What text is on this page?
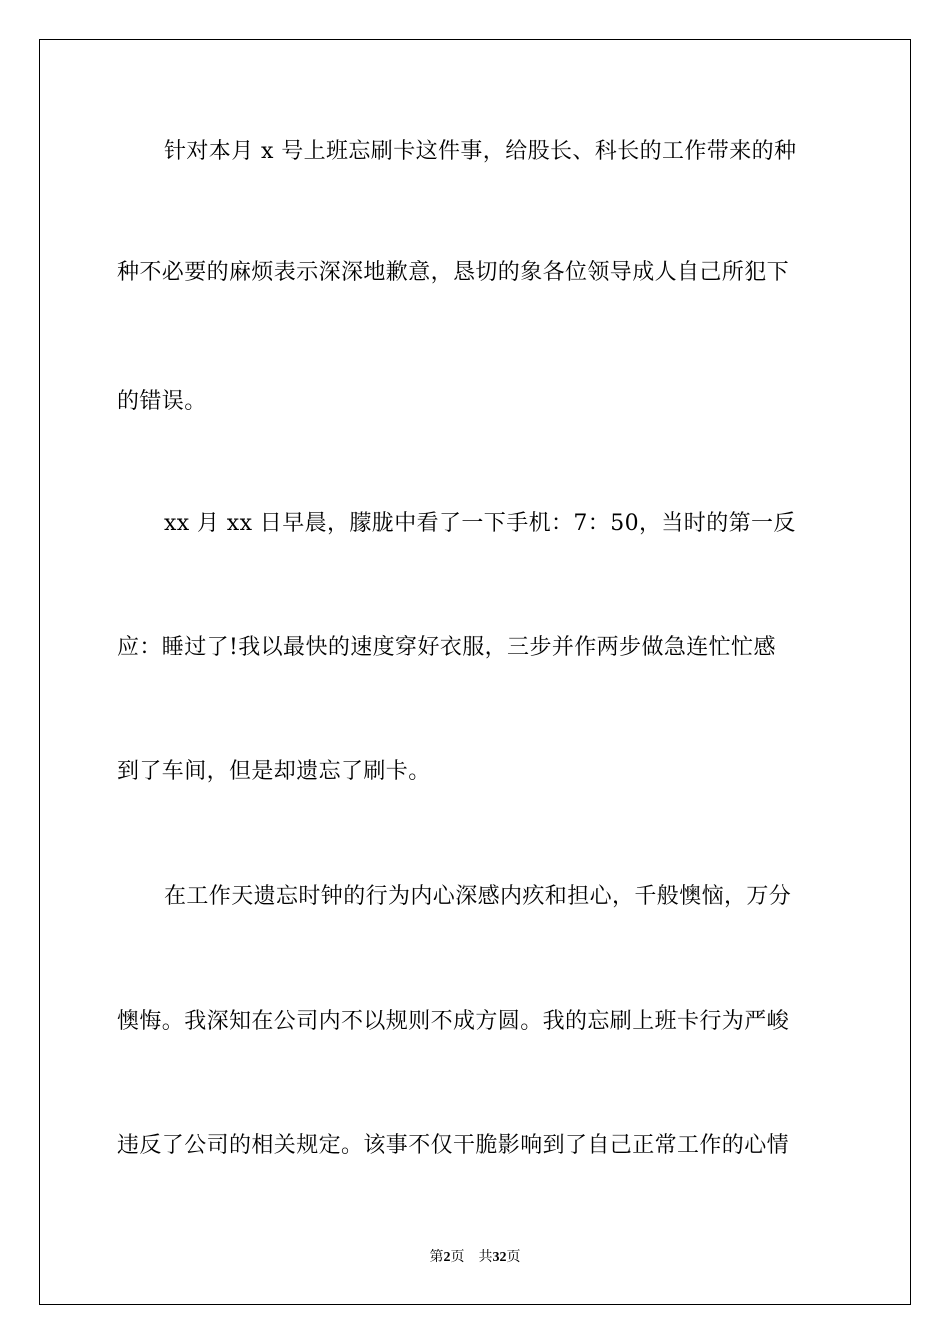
针对本月 x 号上班忘刷卡这件事，给股长、科长的工作带来的种
种不必要的麻烦表示深深地歉意，恳切的象各位领导成人自己所犯下
的错误。
xx 月 xx 日早晨，朦胧中看了一下手机：7：50，当时的第一反
应：睡过了!我以最快的速度穿好衣服，三步并作两步做急连忙忙感
到了车间，但是却遗忘了刷卡。
在工作天遗忘时钟的行为内心深感内疚和担心，千般懊恼，万分
懊悔。我深知在公司内不以规则不成方圆。我的忘刷上班卡行为严峻
违反了公司的相关规定。该事不仅干脆影响到了自己正常工作的心情
第2页 共32页
